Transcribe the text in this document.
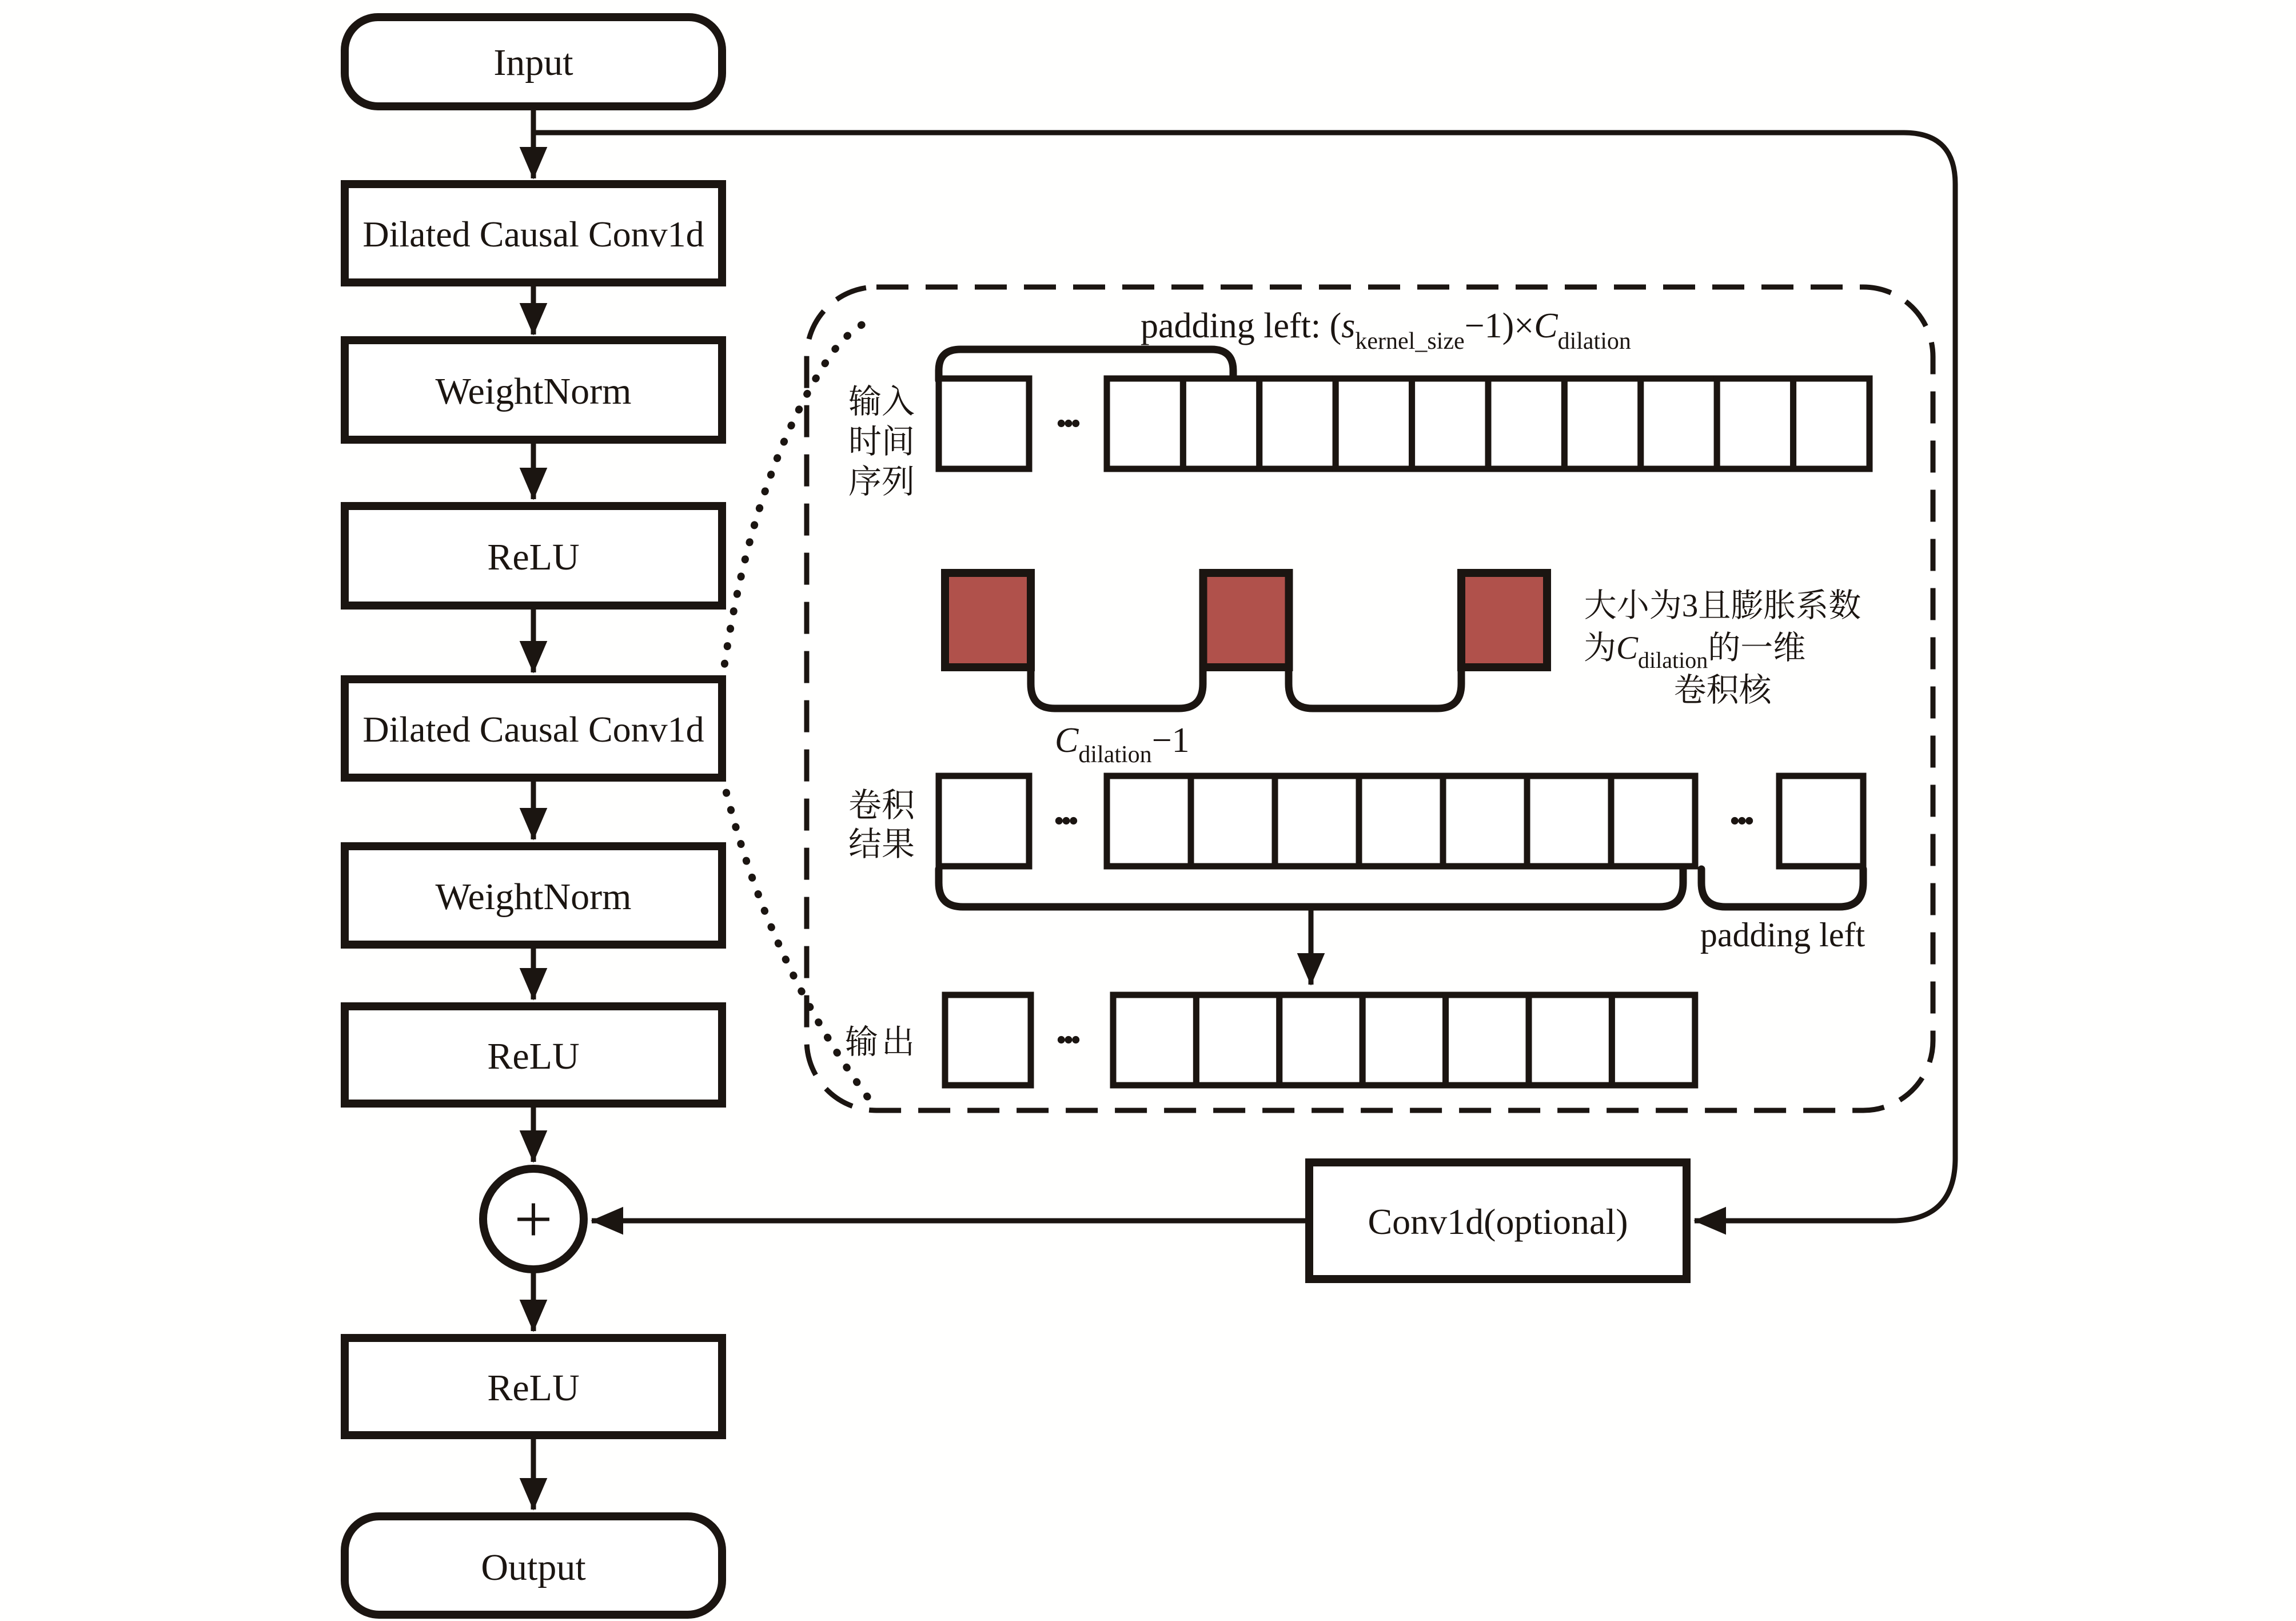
Input
Dilated Causal Conv1d
WeightNorm
ReLU
Dilated Causal Conv1d
WeightNorm
ReLU
+
ReLU
Output
Conv1d(optional)
padding left: $(s_{kernel\_size}-1)\times C_{dilation}$
输入
时间
序列
卷积
结果
输出
···
···	···
···
$C_{dilation}-1$
大小为3且膨胀系数
为$C_{dilation}$的一维
卷积核
padding left
